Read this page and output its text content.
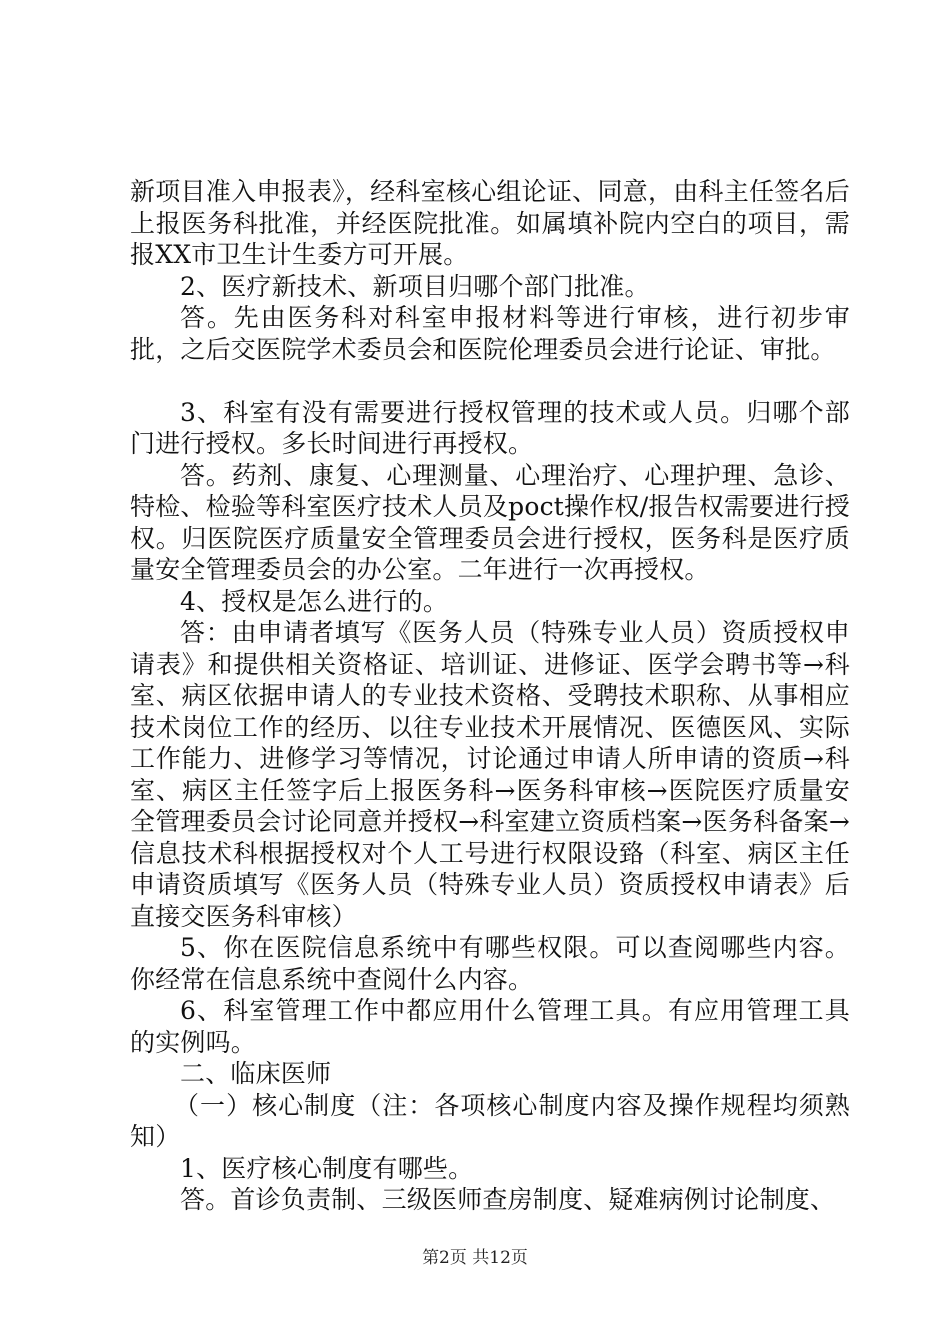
新项目准入申报表》，经科室核心组论证、同意，由科主任签名后上报医务科批准，并经医院批准。如属填补院内空白的项目，需报XX市卫生计生委方可开展。

2、医疗新技术、新项目归哪个部门批准。

答。先由医务科对科室申报材料等进行审核，进行初步审批，之后交医院学术委员会和医院伦理委员会进行论证、审批。

3、科室有没有需要进行授权管理的技术或人员。归哪个部门进行授权。多长时间进行再授权。

答。药剂、康复、心理测量、心理治疗、心理护理、急诊、特检、检验等科室医疗技术人员及poct操作权/报告权需要进行授权。归医院医疗质量安全管理委员会进行授权，医务科是医疗质量安全管理委员会的办公室。二年进行一次再授权。

4、授权是怎么进行的。

答：由申请者填写《医务人员（特殊专业人员）资质授权申请表》和提供相关资格证、培训证、进修证、医学会聘书等→科室、病区依据申请人的专业技术资格、受聘技术职称、从事相应技术岗位工作的经历、以往专业技术开展情况、医德医风、实际工作能力、进修学习等情况，讨论通过申请人所申请的资质→科室、病区主任签字后上报医务科→医务科审核→医院医疗质量安全管理委员会讨论同意并授权→科室建立资质档案→医务科备案→信息技术科根据授权对个人工号进行权限设臵（科室、病区主任申请资质填写《医务人员（特殊专业人员）资质授权申请表》后直接交医务科审核）

5、你在医院信息系统中有哪些权限。可以查阅哪些内容。你经常在信息系统中查阅什么内容。

6、科室管理工作中都应用什么管理工具。有应用管理工具的实例吗。

二、临床医师

（一）核心制度（注：各项核心制度内容及操作规程均须熟知）

1、医疗核心制度有哪些。

答。首诊负责制、三级医师查房制度、疑难病例讨论制度、

第2页 共12页
